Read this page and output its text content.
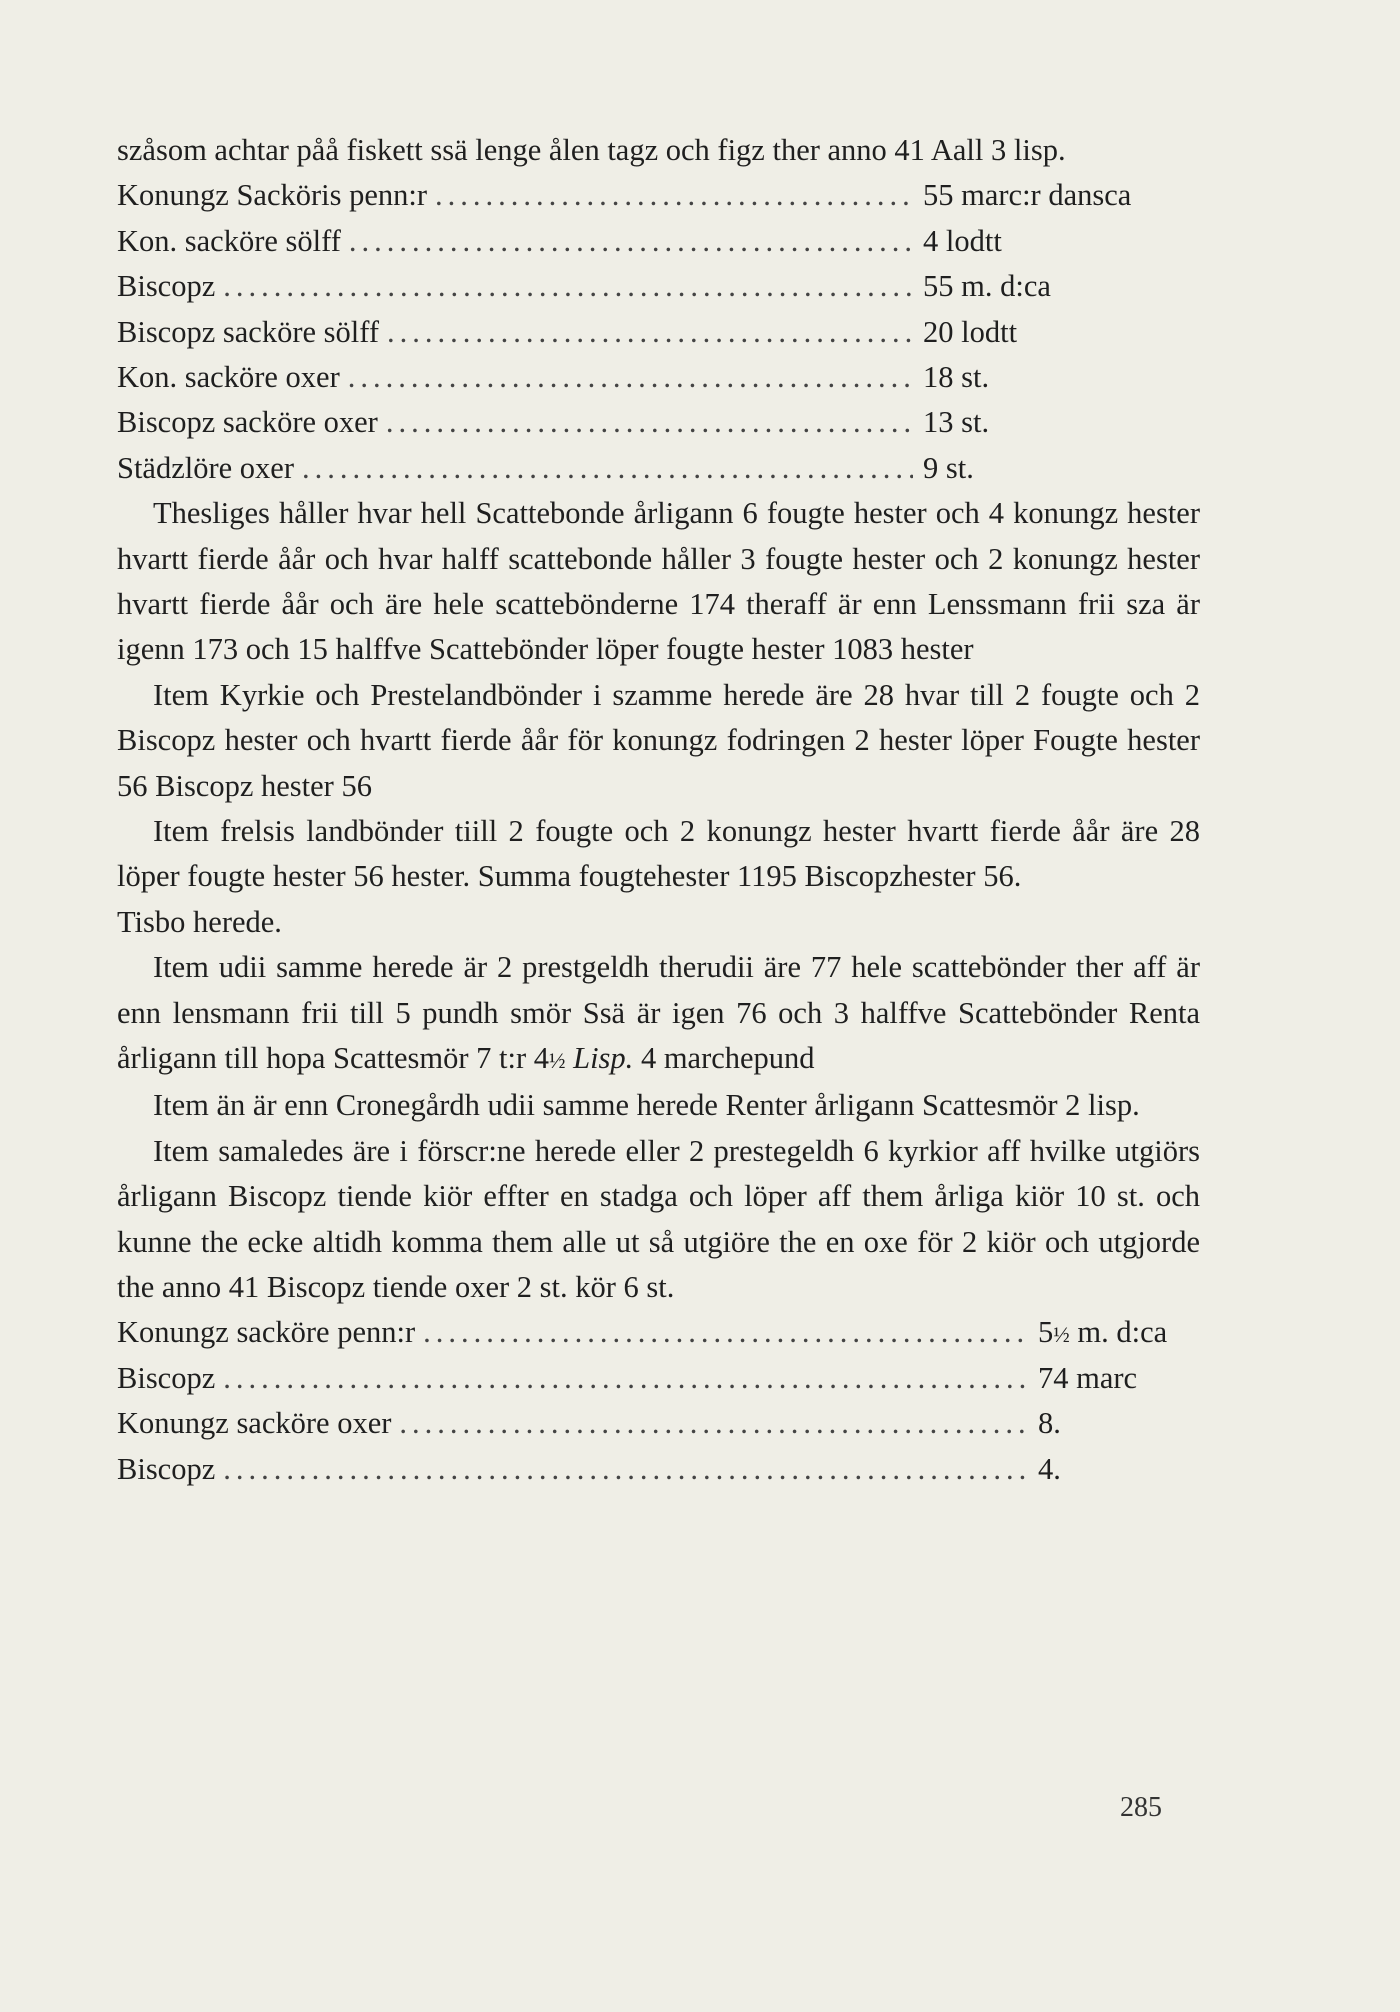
szåsom achtar påå fiskett ssä lenge ålen tagz och figz ther anno 41 Aall 3 lisp.

Konungz Sacköris penn:r .....	55 marc:r dansca
Kon. sacköre sölff .....	4 lodtt
Biscopz .....	55 m. d:ca
Biscopz sacköre sölff .....	20 lodtt
Kon. sacköre oxer .....	18 st.
Biscopz sacköre oxer .....	13 st.
Städzlöre oxer .....	9 st.

Thesliges håller hvar hell Scattebonde årligann 6 fougte hester och 4 konungz hester hvartt fierde åår och hvar halff scattebonde håller 3 fougte hester och 2 konungz hester hvartt fierde åår och äre hele scattebönderne 174 theraff är enn Lenssmann frii sza är igenn 173 och 15 halffve Scattebönder löper fougte hester 1083 hester

Item Kyrkie och Prestelandbönder i szamme herede äre 28 hvar till 2 fougte och 2 Biscopz hester och hvartt fierde åår för konungz fodringen 2 hester löper Fougte hester 56 Biscopz hester 56

Item frelsis landbönder tiill 2 fougte och 2 konungz hester hvartt fierde åår äre 28 löper fougte hester 56 hester. Summa fougtehester 1195 Biscopzhester 56.

Tisbo herede.

Item udii samme herede är 2 prestgeldh therudii äre 77 hele scattebönder ther aff är enn lensmann frii till 5 pundh smör Ssä är igen 76 och 3 halffve Scattebönder Renta årligann till hopa Scattesmör 7 t:r 4½ Lisp. 4 marchepund

Item än är enn Cronegårdh udii samme herede Renter årligann Scattesmör 2 lisp.

Item samaledes äre i förscr:ne herede eller 2 prestegeldh 6 kyrkior aff hvilke utgiörs årligann Biscopz tiende kiör effter en stadga och löper aff them årliga kiör 10 st. och kunne the ecke altidh komma them alle ut så utgiöre the en oxe för 2 kiör och utgjorde the anno 41 Biscopz tiende oxer 2 st. kör 6 st.

Konungz sacköre penn:r .....	5½ m. d:ca
Biscopz .....	74 marc
Konungz sacköre oxer .....	8.
Biscopz .....	4.
285
